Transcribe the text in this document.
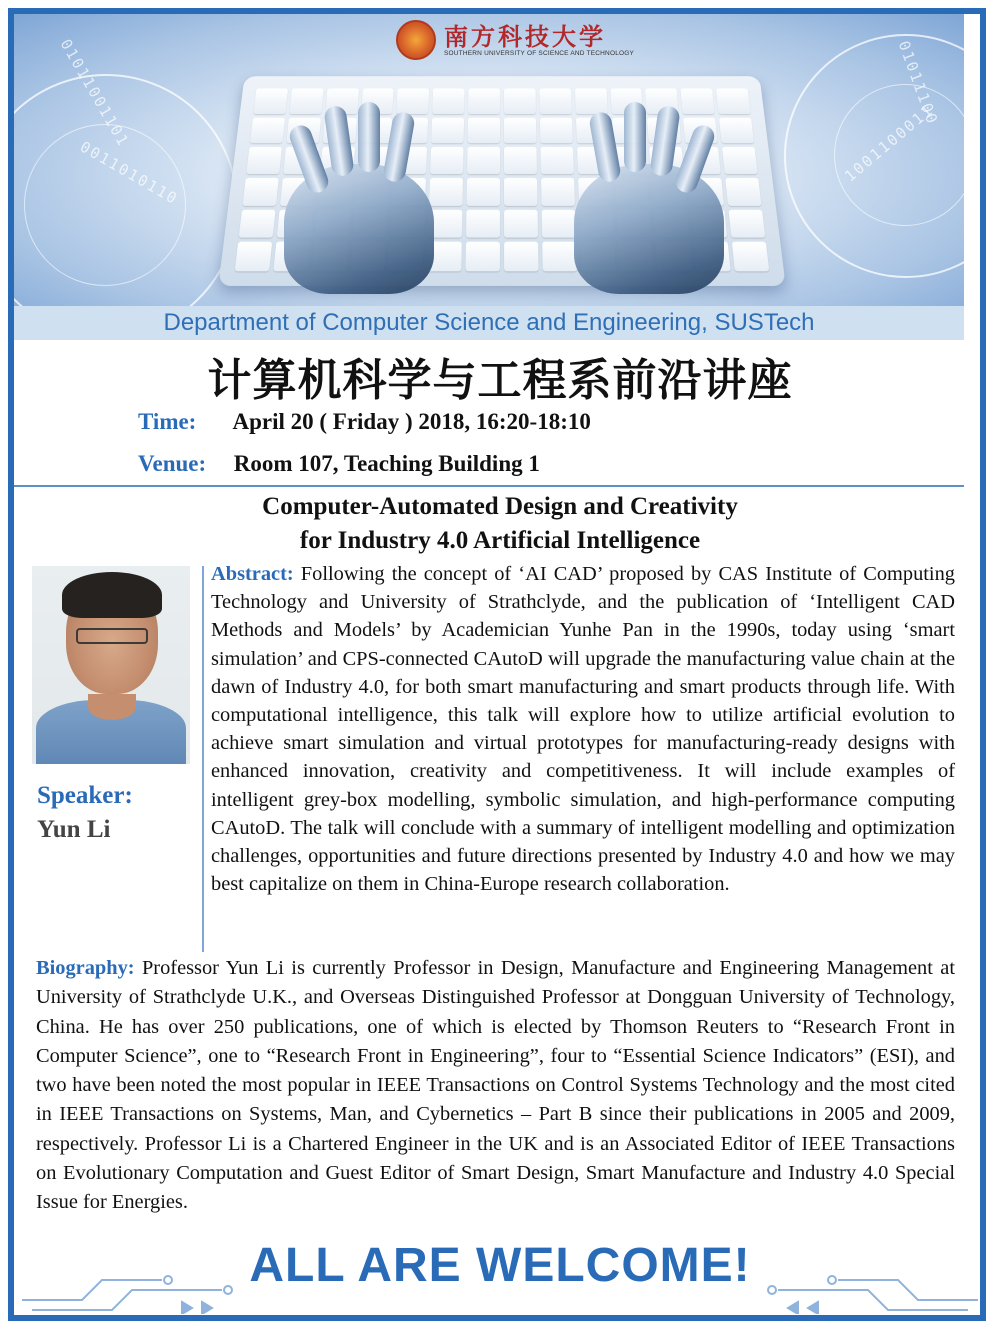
01011001101
0011010110	1001100011
01011100
南方科技大学
SOUTHERN UNIVERSITY OF SCIENCE AND TECHNOLOGY
Department of Computer Science and Engineering, SUSTech
计算机科学与工程系前沿讲座
Time: April 20 ( Friday ) 2018, 16:20-18:10
Venue: Room 107, Teaching Building 1
Computer-Automated Design and Creativity
for Industry 4.0 Artificial Intelligence
Speaker:
Yun Li
Abstract: Following the concept of ‘AI CAD’ proposed by CAS Institute of Computing Technology and University of Strathclyde, and the publication of ‘Intelligent CAD Methods and Models’ by Academician Yunhe Pan in the 1990s, today using ‘smart simulation’ and CPS-connected CAutoD will upgrade the manufacturing value chain at the dawn of Industry 4.0, for both smart manufacturing and smart products through life. With computational intelligence, this talk will explore how to utilize artificial evolution to achieve smart simulation and virtual prototypes for manufacturing-ready designs with enhanced innovation, creativity and competitiveness. It will include examples of intelligent grey-box modelling, symbolic simulation, and high-performance computing CAutoD. The talk will conclude with a summary of intelligent modelling and optimization challenges, opportunities and future directions presented by Industry 4.0 and how we may best capitalize on them in China-Europe research collaboration.
Biography: Professor Yun Li is currently Professor in Design, Manufacture and Engineering Management at University of Strathclyde U.K., and Overseas Distinguished Professor at Dongguan University of Technology, China. He has over 250 publications, one of which is elected by Thomson Reuters to “Research Front in Computer Science”, one to “Research Front in Engineering”, four to “Essential Science Indicators” (ESI), and two have been noted the most popular in IEEE Transactions on Control Systems Technology and the most cited in IEEE Transactions on Systems, Man, and Cybernetics – Part B since their publications in 2005 and 2009, respectively. Professor Li is a Chartered Engineer in the UK and is an Associated Editor of IEEE Transactions on Evolutionary Computation and Guest Editor of Smart Design, Smart Manufacture and Industry 4.0 Special Issue for Energies.
ALL ARE WELCOME!
